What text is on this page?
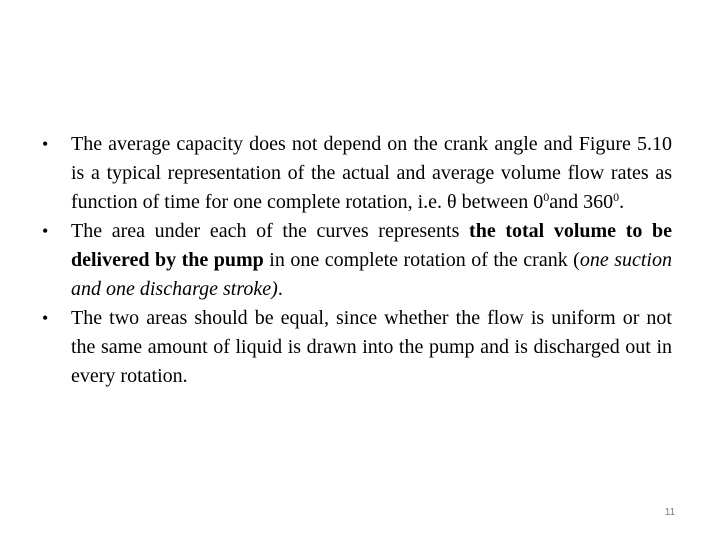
• The average capacity does not depend on the crank angle and Figure 5.10 is a typical representation of the actual and average volume flow rates as function of time for one complete rotation, i.e. θ between $0^0and$ $360^0$.
• The area under each of the curves represents the total volume to be delivered by the pump in one complete rotation of the crank (one suction and one discharge stroke).
• The two areas should be equal, since whether the flow is uniform or not the same amount of liquid is drawn into the pump and is discharged out in every rotation.
11
